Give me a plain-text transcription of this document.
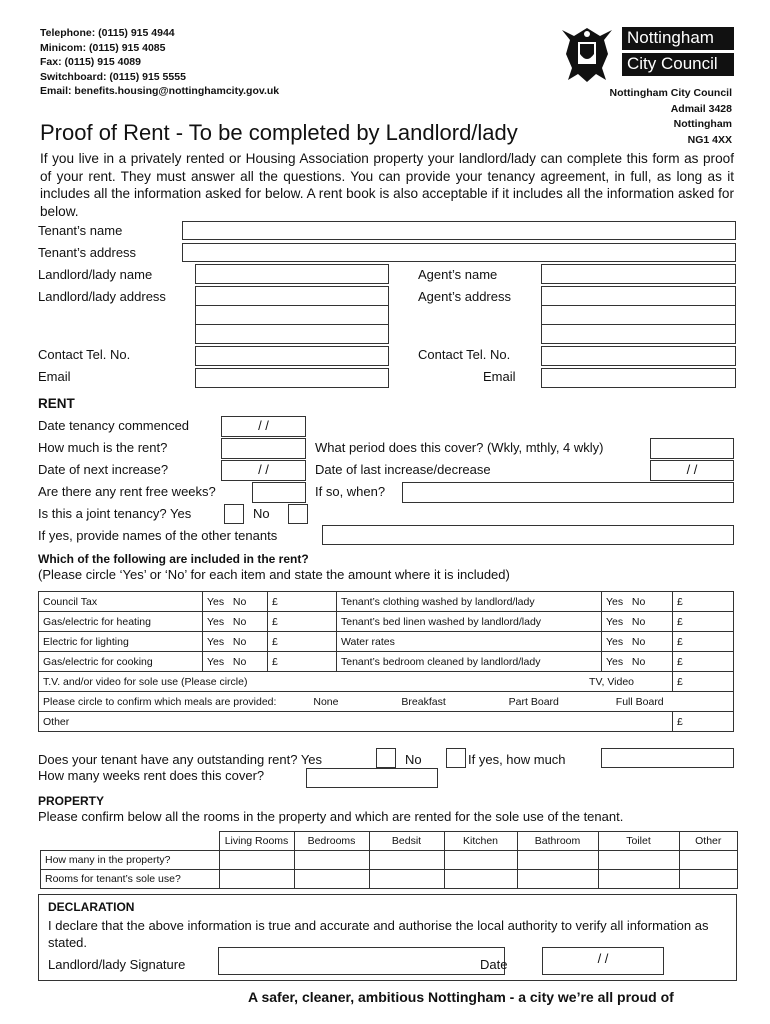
Telephone: (0115) 915 4944
Minicom: (0115) 915 4085
Fax: (0115) 915 4089
Switchboard: (0115) 915 5555
Email: benefits.housing@nottinghamcity.gov.uk
Nottingham
City Council
Nottingham City Council
Admail 3428
Nottingham
NG1 4XX
Proof of Rent - To be completed by Landlord/lady
If you live in a privately rented or Housing Association property your landlord/lady can complete this form as proof of your rent. They must answer all the questions. You can provide your tenancy agreement, in full, as long as it includes all the information asked for below. A rent book is also acceptable if it includes all the information asked for below.
Tenant’s name
Tenant’s address
Landlord/lady name	Agent’s name
Landlord/lady address	Agent’s address
Contact Tel. No.	Contact Tel. No.
Email	Email
RENT
Date tenancy commenced	/ /
How much is the rent?	What period does this cover? (Wkly, mthly, 4 wkly)
Date of next increase?	/ /	Date of last increase/decrease	/ /
Are there any rent free weeks?	If so, when?
Is this a joint tenancy? Yes	No
If yes, provide names of the other tenants
Which of the following are included in the rent?
(Please circle ‘Yes’ or ‘No’ for each item and state the amount where it is included)
Council Tax	Yes No	£	Tenant’s clothing washed by landlord/lady	Yes No	£
Gas/electric for heating	Yes No	£	Tenant’s bed linen washed by landlord/lady	Yes No	£
Electric for lighting	Yes No	£	Water rates	Yes No	£
Gas/electric for cooking	Yes No	£	Tenant’s bedroom cleaned by landlord/lady	Yes No	£
T.V. and/or video for sole use (Please circle) TV, Video					£
Please circle to confirm which meals are provided: None Breakfast Part Board Full Board					
Other					£
Does your tenant have any outstanding rent? Yes	No	If yes, how much
How many weeks rent does this cover?
PROPERTY
Please confirm below all the rooms in the property and which are rented for the sole use of the tenant.
	Living Rooms	Bedrooms	Bedsit	Kitchen	Bathroom	Toilet	Other
How many in the property?							
Rooms for tenant’s sole use?							
DECLARATION
I declare that the above information is true and accurate and authorise the local authority to verify all information as stated.
Landlord/lady Signature	Date	/ /
A safer, cleaner, ambitious Nottingham - a city we’re all proud of
